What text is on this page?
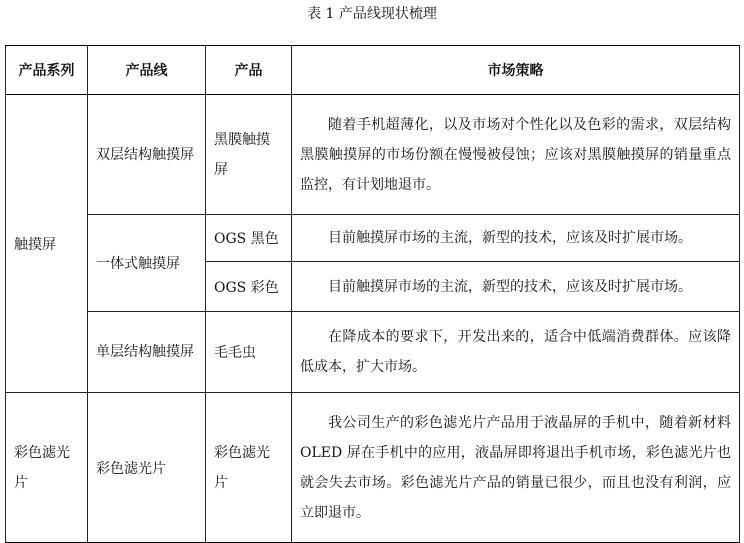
表 1 产品线现状梳理
产品系列	产品线	产品	市场策略
触摸屏	双层结构触摸屏	黑膜触摸屏	随着手机超薄化，以及市场对个性化以及色彩的需求，双层结构黑膜触摸屏的市场份额在慢慢被侵蚀；应该对黑膜触摸屏的销量重点监控，有计划地退市。

	一体式触摸屏	OGS 黑色	目前触摸屏市场的主流，新型的技术，应该及时扩展市场。

		OGS 彩色	目前触摸屏市场的主流，新型的技术，应该及时扩展市场。

	单层结构触摸屏	毛毛虫	在降成本的要求下，开发出来的，适合中低端消费群体。应该降低成本，扩大市场。

彩色滤光片	彩色滤光片	彩色滤光片	我公司生产的彩色滤光片产品用于液晶屏的手机中，随着新材料 OLED 屏在手机中的应用，液晶屏即将退出手机市场，彩色滤光片也就会失去市场。彩色滤光片产品的销量已很少，而且也没有利润，应立即退市。
